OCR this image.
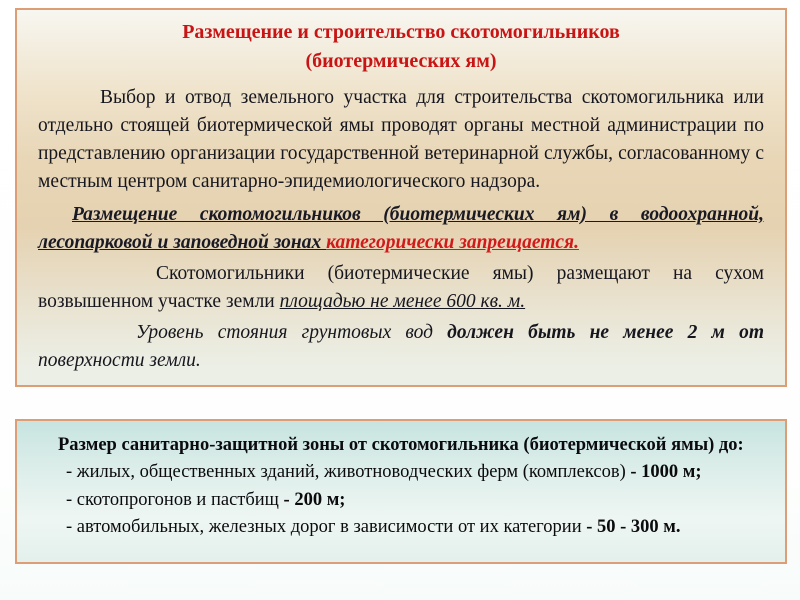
Размещение и строительство скотомогильников
(биотермических ям)

Выбор и отвод земельного участка для строительства скотомогильника или отдельно стоящей биотермической ямы проводят органы местной администрации по представлению организации государственной ветеринарной службы, согласованному с местным центром санитарно-эпидемиологического надзора.

Размещение скотомогильников (биотермических ям) в водоохранной, лесопарковой и заповедной зонах категорически запрещается.

Скотомогильники (биотермические ямы) размещают на сухом возвышенном участке земли площадью не менее 600 кв. м.

Уровень стояния грунтовых вод должен быть не менее 2 м от поверхности земли.

Размер санитарно-защитной зоны от скотомогильника (биотермической ямы) до:

- жилых, общественных зданий, животноводческих ферм (комплексов) - 1000 м;

- скотопрогонов и пастбищ - 200 м;

- автомобильных, железных дорог в зависимости от их категории - 50 - 300 м.
